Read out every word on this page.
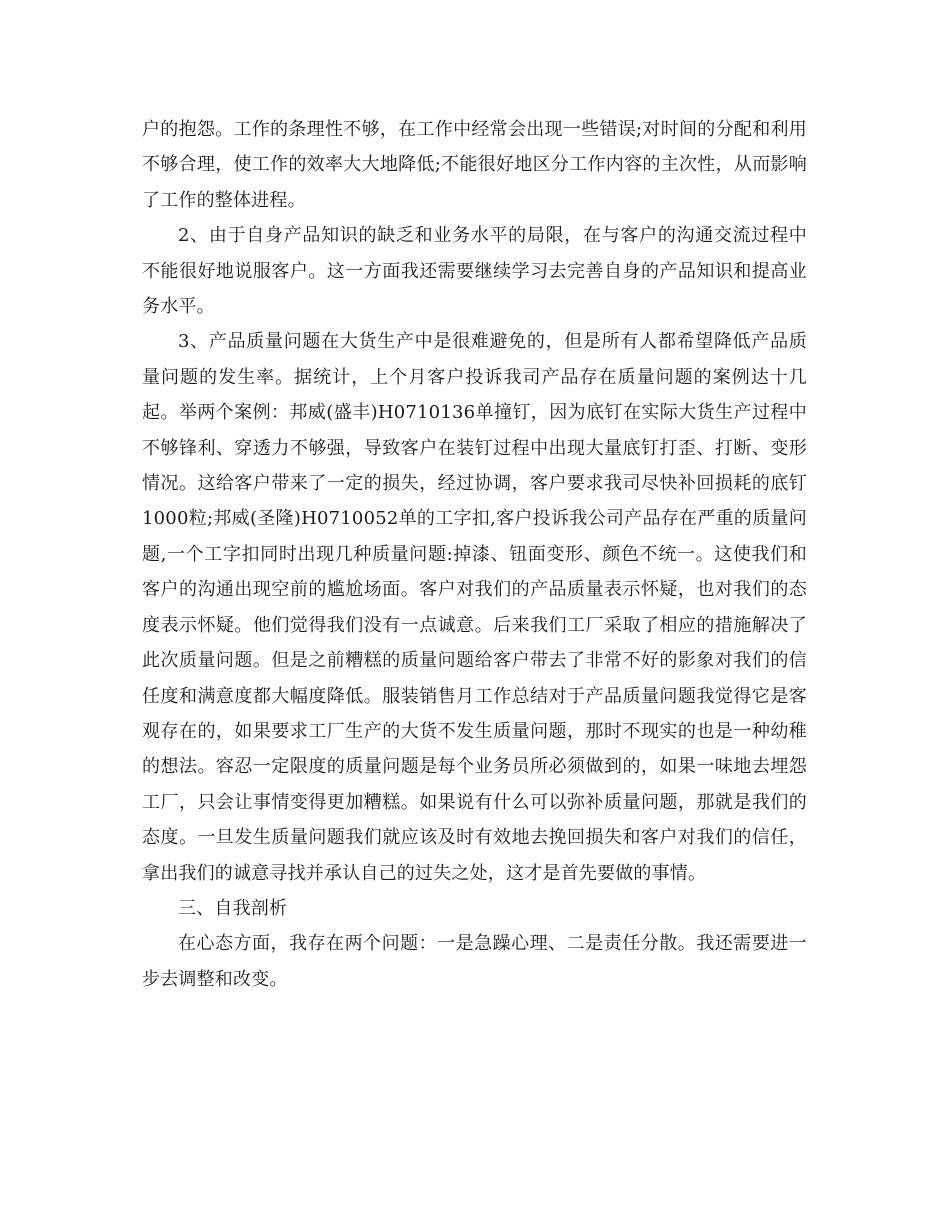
户的抱怨。工作的条理性不够，在工作中经常会出现一些错误;对时间的分配和利用不够合理，使工作的效率大大地降低;不能很好地区分工作内容的主次性，从而影响了工作的整体进程。

2、由于自身产品知识的缺乏和业务水平的局限，在与客户的沟通交流过程中不能很好地说服客户。这一方面我还需要继续学习去完善自身的产品知识和提高业务水平。

3、产品质量问题在大货生产中是很难避免的，但是所有人都希望降低产品质量问题的发生率。据统计，上个月客户投诉我司产品存在质量问题的案例达十几起。举两个案例：邦威(盛丰)H0710136单撞钉，因为底钉在实际大货生产过程中不够锋利、穿透力不够强，导致客户在装钉过程中出现大量底钉打歪、打断、变形情况。这给客户带来了一定的损失，经过协调，客户要求我司尽快补回损耗的底钉1000粒;邦威(圣隆)H0710052单的工字扣,客户投诉我公司产品存在严重的质量问题,一个工字扣同时出现几种质量问题:掉漆、钮面变形、颜色不统一。这使我们和客户的沟通出现空前的尴尬场面。客户对我们的产品质量表示怀疑，也对我们的态度表示怀疑。他们觉得我们没有一点诚意。后来我们工厂采取了相应的措施解决了此次质量问题。但是之前糟糕的质量问题给客户带去了非常不好的影象对我们的信任度和满意度都大幅度降低。服装销售月工作总结对于产品质量问题我觉得它是客观存在的，如果要求工厂生产的大货不发生质量问题，那时不现实的也是一种幼稚的想法。容忍一定限度的质量问题是每个业务员所必须做到的，如果一味地去埋怨工厂，只会让事情变得更加糟糕。如果说有什么可以弥补质量问题，那就是我们的态度。一旦发生质量问题我们就应该及时有效地去挽回损失和客户对我们的信任，拿出我们的诚意寻找并承认自己的过失之处，这才是首先要做的事情。

三、自我剖析

在心态方面，我存在两个问题：一是急躁心理、二是责任分散。我还需要进一步去调整和改变。
